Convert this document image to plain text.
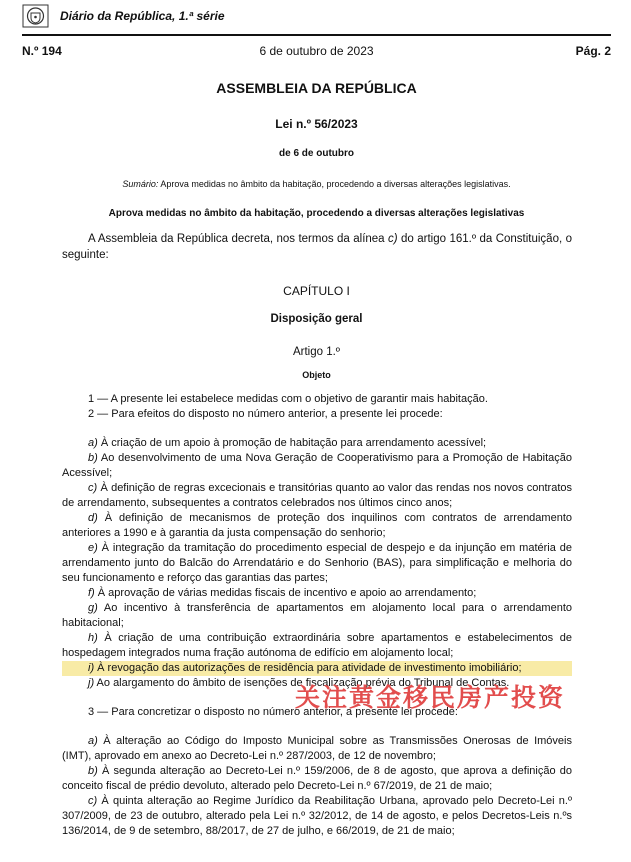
Diário da República, 1.ª série
N.º 194	6 de outubro de 2023	Pág. 2
ASSEMBLEIA DA REPÚBLICA
Lei n.º 56/2023
de 6 de outubro
Sumário: Aprova medidas no âmbito da habitação, procedendo a diversas alterações legislativas.
Aprova medidas no âmbito da habitação, procedendo a diversas alterações legislativas

A Assembleia da República decreta, nos termos da alínea c) do artigo 161.º da Constituição, o seguinte:

CAPÍTULO I
Disposição geral
Artigo 1.º
Objeto

1 — A presente lei estabelece medidas com o objetivo de garantir mais habitação.

2 — Para efeitos do disposto no número anterior, a presente lei procede:

a) À criação de um apoio à promoção de habitação para arrendamento acessível;

b) Ao desenvolvimento de uma Nova Geração de Cooperativismo para a Promoção de Habitação Acessível;

c) À definição de regras excecionais e transitórias quanto ao valor das rendas nos novos contratos de arrendamento, subsequentes a contratos celebrados nos últimos cinco anos;

d) À definição de mecanismos de proteção dos inquilinos com contratos de arrendamento anteriores a 1990 e à garantia da justa compensação do senhorio;

e) À integração da tramitação do procedimento especial de despejo e da injunção em matéria de arrendamento junto do Balcão do Arrendatário e do Senhorio (BAS), para simplificação e melhoria do seu funcionamento e reforço das garantias das partes;

f) À aprovação de várias medidas fiscais de incentivo e apoio ao arrendamento;

g) Ao incentivo à transferência de apartamentos em alojamento local para o arrendamento habitacional;

h) À criação de uma contribuição extraordinária sobre apartamentos e estabelecimentos de hospedagem integrados numa fração autónoma de edifício em alojamento local;

i) À revogação das autorizações de residência para atividade de investimento imobiliário;

j) Ao alargamento do âmbito de isenções de fiscalização prévia do Tribunal de Contas.

3 — Para concretizar o disposto no número anterior, a presente lei procede:

a) À alteração ao Código do Imposto Municipal sobre as Transmissões Onerosas de Imóveis (IMT), aprovado em anexo ao Decreto-Lei n.º 287/2003, de 12 de novembro;

b) À segunda alteração ao Decreto-Lei n.º 159/2006, de 8 de agosto, que aprova a definição do conceito fiscal de prédio devoluto, alterado pelo Decreto-Lei n.º 67/2019, de 21 de maio;

c) À quinta alteração ao Regime Jurídico da Reabilitação Urbana, aprovado pelo Decreto-Lei n.º 307/2009, de 23 de outubro, alterado pela Lei n.º 32/2012, de 14 de agosto, e pelos Decretos-Leis n.ºs 136/2014, de 9 de setembro, 88/2017, de 27 de julho, e 66/2019, de 21 de maio;

关注黄金移民房产投资
